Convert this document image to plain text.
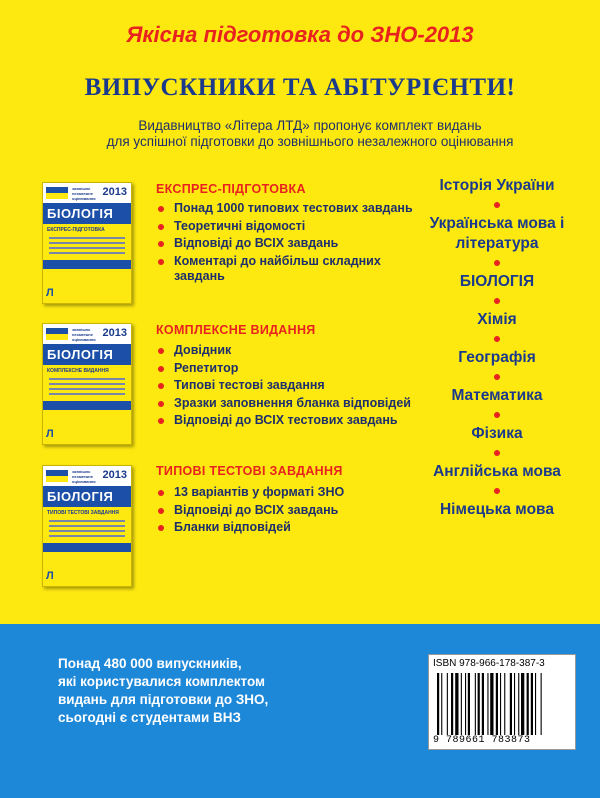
Якісна підготовка до ЗНО-2013
ВИПУСКНИКИ ТА АБІТУРІЄНТИ!
Видавництво «Літера ЛТД» пропонує комплект видань
для успішної підготовки до зовнішнього незалежного оцінювання
зовнішнє незалежне оцінювання
2013
БІОЛОГІЯ
ЕКСПРЕС-ПІДГОТОВКА
Л
зовнішнє незалежне оцінювання
2013
БІОЛОГІЯ
КОМПЛЕКСНЕ ВИДАННЯ
Л
зовнішнє незалежне оцінювання
2013
БІОЛОГІЯ
ТИПОВІ ТЕСТОВІ ЗАВДАННЯ
Л
ЕКСПРЕС-ПІДГОТОВКА
Понад 1000 типових тестових завдань
Теоретичні відомості
Відповіді до ВСІХ завдань
Коментарі до найбільш складних завдань
КОМПЛЕКСНЕ ВИДАННЯ
Довідник
Репетитор
Типові тестові завдання
Зразки заповнення бланка відповідей
Відповіді до ВСІХ тестових завдань
ТИПОВІ ТЕСТОВІ ЗАВДАННЯ
13 варіантів у форматі ЗНО
Відповіді до ВСІХ завдань
Бланки відповідей
Історія України
Українська мова і література
БІОЛОГІЯ
Хімія
Географія
Математика
Фізика
Англійська мова
Німецька мова
Понад 480 000 випускників,
які користувалися комплектом
видань для підготовки до ЗНО,
сьогодні є студентами ВНЗ
ISBN 978-966-178-387-3
9 789661 783873
